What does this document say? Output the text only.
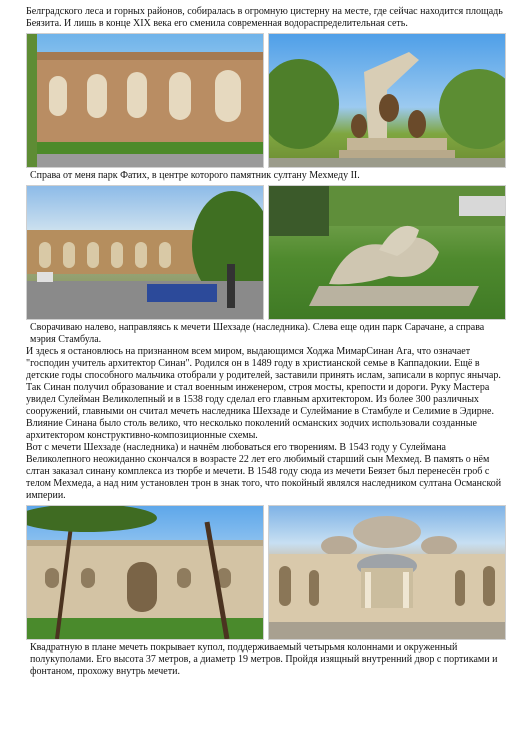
Белградского леса и горных районов, собиралась в огромную цистерну на месте, где сейчас находится площадь Беязита. И лишь в конце XIX века его сменила современная водораспределительная сеть.

Справа от меня парк Фатих, в центре которого памятник султану Мехмеду II.

Сворачиваю налево, направляясь к мечети Шехзаде (наследника). Слева еще один парк Сарачане, а справа мэрия Стамбула.

И здесь я остановлюсь на признанном всем миром, выдающимся Ходжа МимарСинан Ага, что означает "господин учитель архитектор Синан". Родился он в 1489 году в христианской семье в Каппадокии. Ещё в детские годы способного мальчика отобрали у родителей, заставили принять ислам, записали в корпус янычар. Так Синан получил образование и стал военным инженером, строя мосты, крепости и дороги. Руку Мастера увидел Сулейман Великолепный и в 1538 году сделал его главным архитектором. Из более 300 различных сооружений, главными он считал мечеть наследника Шехзаде и Сулеймание в Стамбуле и Селимие в Эдирне. Влияние Синана было столь велико, что несколько поколений османских зодчих использовали созданные архитектором конструктивно-композиционные схемы.

Вот с мечети Шехзаде (наследника) и начнём любоваться его творениям. В 1543 году у Сулеймана Великолепного неожиданно скончался в возрасте 22 лет его любимый старший сын Мехмед. В память о нём слтан заказал синану комплекса из тюрбе и мечети. В 1548 году сюда из мечети Беязет был перенесён гроб с телом Мехмеда, а над ним установлен трон в знак того, что покойный являлся наследником султана Османской империи.

Квадратную в плане мечеть покрывает купол, поддерживаемый четырьмя колоннами и окруженный полукуполами. Его высота 37 метров, а диаметр 19 метров. Пройдя изящный внутренний двор с портиками и фонтаном, прохожу внутрь мечети.
